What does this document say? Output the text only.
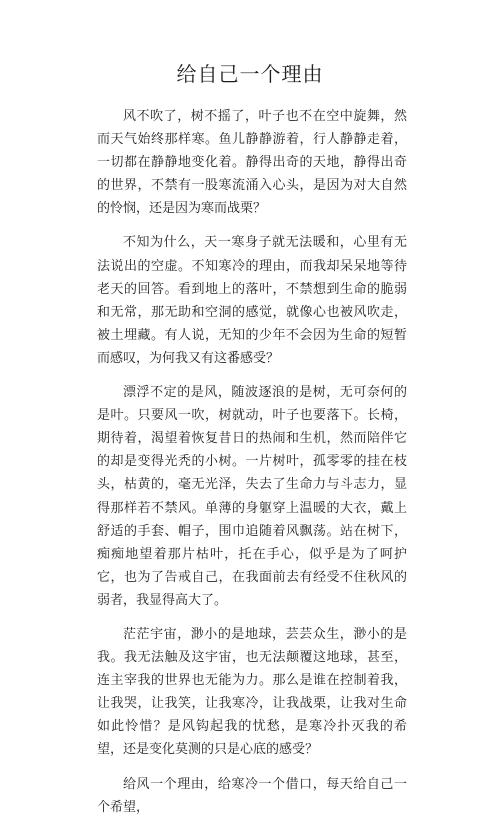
给自己一个理由

风不吹了，树不摇了，叶子也不在空中旋舞，然而天气始终那样寒。鱼儿静静游着，行人静静走着，一切都在静静地变化着。静得出奇的天地，静得出奇的世界，不禁有一股寒流涌入心头，是因为对大自然的怜悯，还是因为寒而战栗？

不知为什么，天一寒身子就无法暖和，心里有无法说出的空虚。不知寒冷的理由，而我却呆呆地等待老天的回答。看到地上的落叶，不禁想到生命的脆弱和无常，那无助和空洞的感觉，就像心也被风吹走，被土埋藏。有人说，无知的少年不会因为生命的短暂而感叹，为何我又有这番感受？

漂浮不定的是风，随波逐浪的是树，无可奈何的是叶。只要风一吹，树就动，叶子也要落下。长椅，期待着，渴望着恢复昔日的热闹和生机，然而陪伴它的却是变得光秃的小树。一片树叶，孤零零的挂在枝头，枯黄的，毫无光泽，失去了生命力与斗志力，显得那样若不禁风。单薄的身躯穿上温暖的大衣，戴上舒适的手套、帽子，围巾追随着风飘荡。站在树下，痴痴地望着那片枯叶，托在手心，似乎是为了呵护它，也为了告戒自己，在我面前去有经受不住秋风的弱者，我显得高大了。

茫茫宇宙，渺小的是地球，芸芸众生，渺小的是我。我无法触及这宇宙，也无法颠覆这地球，甚至，连主宰我的世界也无能为力。那么是谁在控制着我，让我哭，让我笑，让我寒冷，让我战栗，让我对生命如此怜惜？是风钩起我的忧愁，是寒冷扑灭我的希望，还是变化莫测的只是心底的感受？

给风一个理由，给寒冷一个借口，每天给自己一个希望，
